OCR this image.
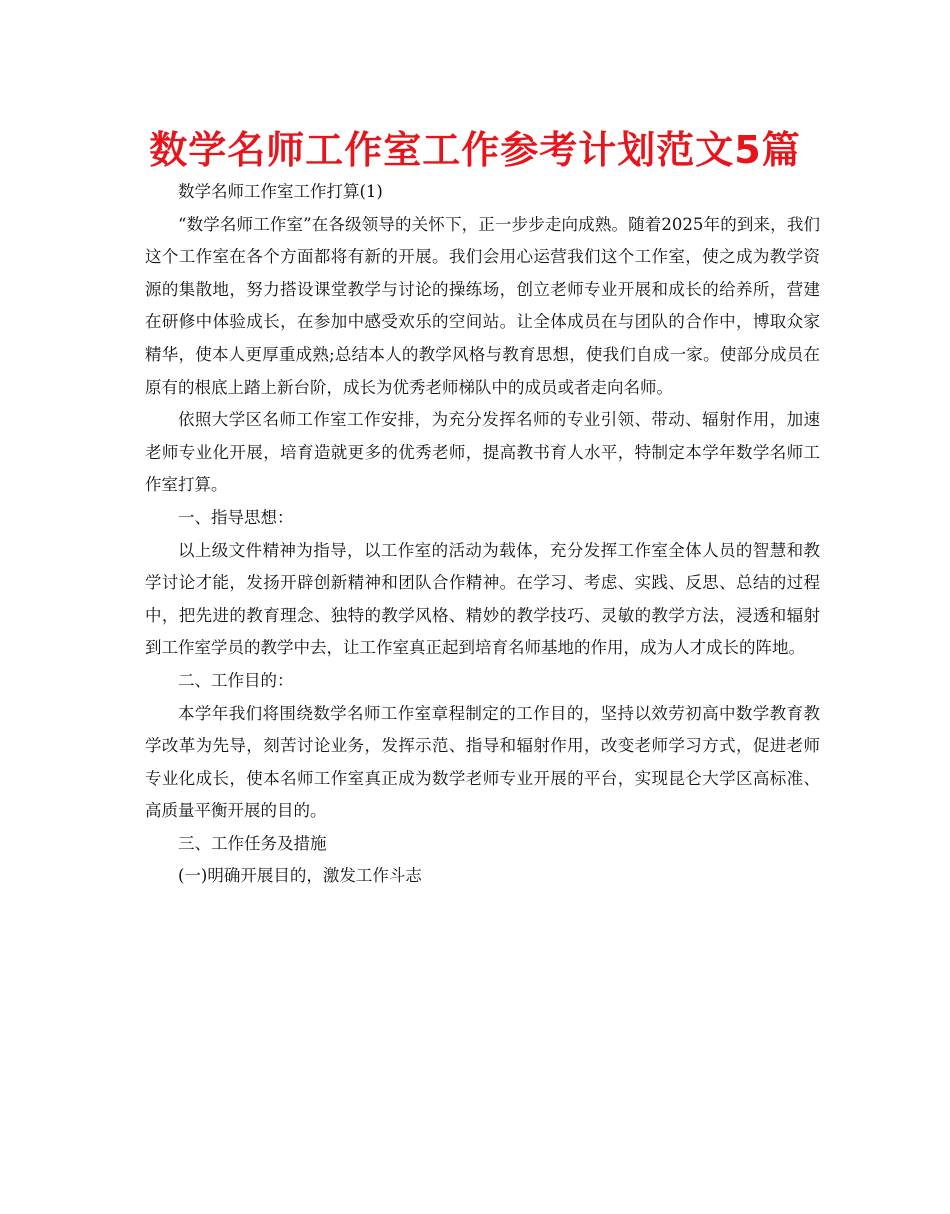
数学名师工作室工作参考计划范文5篇

数学名师工作室工作打算(1)

“数学名师工作室”在各级领导的关怀下，正一步步走向成熟。随着2025年的到来，我们这个工作室在各个方面都将有新的开展。我们会用心运营我们这个工作室，使之成为教学资源的集散地，努力搭设课堂教学与讨论的操练场，创立老师专业开展和成长的给养所，营建在研修中体验成长，在参加中感受欢乐的空间站。让全体成员在与团队的合作中，博取众家精华，使本人更厚重成熟;总结本人的教学风格与教育思想，使我们自成一家。使部分成员在原有的根底上踏上新台阶，成长为优秀老师梯队中的成员或者走向名师。

依照大学区名师工作室工作安排，为充分发挥名师的专业引领、带动、辐射作用，加速老师专业化开展，培育造就更多的优秀老师，提高教书育人水平，特制定本学年数学名师工作室打算。

一、指导思想：

以上级文件精神为指导，以工作室的活动为载体，充分发挥工作室全体人员的智慧和教学讨论才能，发扬开辟创新精神和团队合作精神。在学习、考虑、实践、反思、总结的过程中，把先进的教育理念、独特的教学风格、精妙的教学技巧、灵敏的教学方法，浸透和辐射到工作室学员的教学中去，让工作室真正起到培育名师基地的作用，成为人才成长的阵地。

二、工作目的：

本学年我们将围绕数学名师工作室章程制定的工作目的，坚持以效劳初高中数学教育教学改革为先导，刻苦讨论业务，发挥示范、指导和辐射作用，改变老师学习方式，促进老师专业化成长，使本名师工作室真正成为数学老师专业开展的平台，实现昆仑大学区高标准、高质量平衡开展的目的。

三、工作任务及措施

(一)明确开展目的，激发工作斗志
